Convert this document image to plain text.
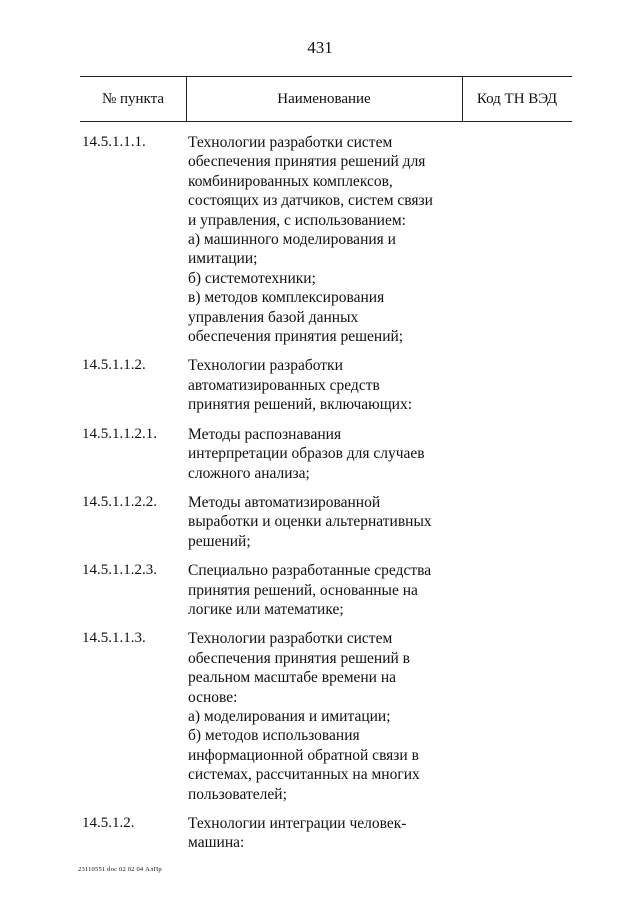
431
№ пункта	Наименование	Код ТН ВЭД
14.5.1.1.1.	Технологии разработки систем
обеспечения принятия решений для
комбинированных комплексов,
состоящих из датчиков, систем связи
и управления, с использованием:
а) машинного моделирования и
имитации;
б) системотехники;
в) методов комплексирования
управления базой данных
обеспечения принятия решений;
14.5.1.1.2.	Технологии разработки
автоматизированных средств
принятия решений, включающих:
14.5.1.1.2.1.	Методы распознавания
интерпретации образов для случаев
сложного анализа;
14.5.1.1.2.2.	Методы автоматизированной
выработки и оценки альтернативных
решений;
14.5.1.1.2.3.	Специально разработанные средства
принятия решений, основанные на
логике или математике;
14.5.1.1.3.	Технологии разработки систем
обеспечения принятия решений в
реальном масштабе времени на
основе:
а) моделирования и имитации;
б) методов использования
информационной обратной связи в
системах, рассчитанных на многих
пользователей;
14.5.1.2.	Технологии интеграции человек-
машина:
23110551 doc 02 02 04 АлПр
